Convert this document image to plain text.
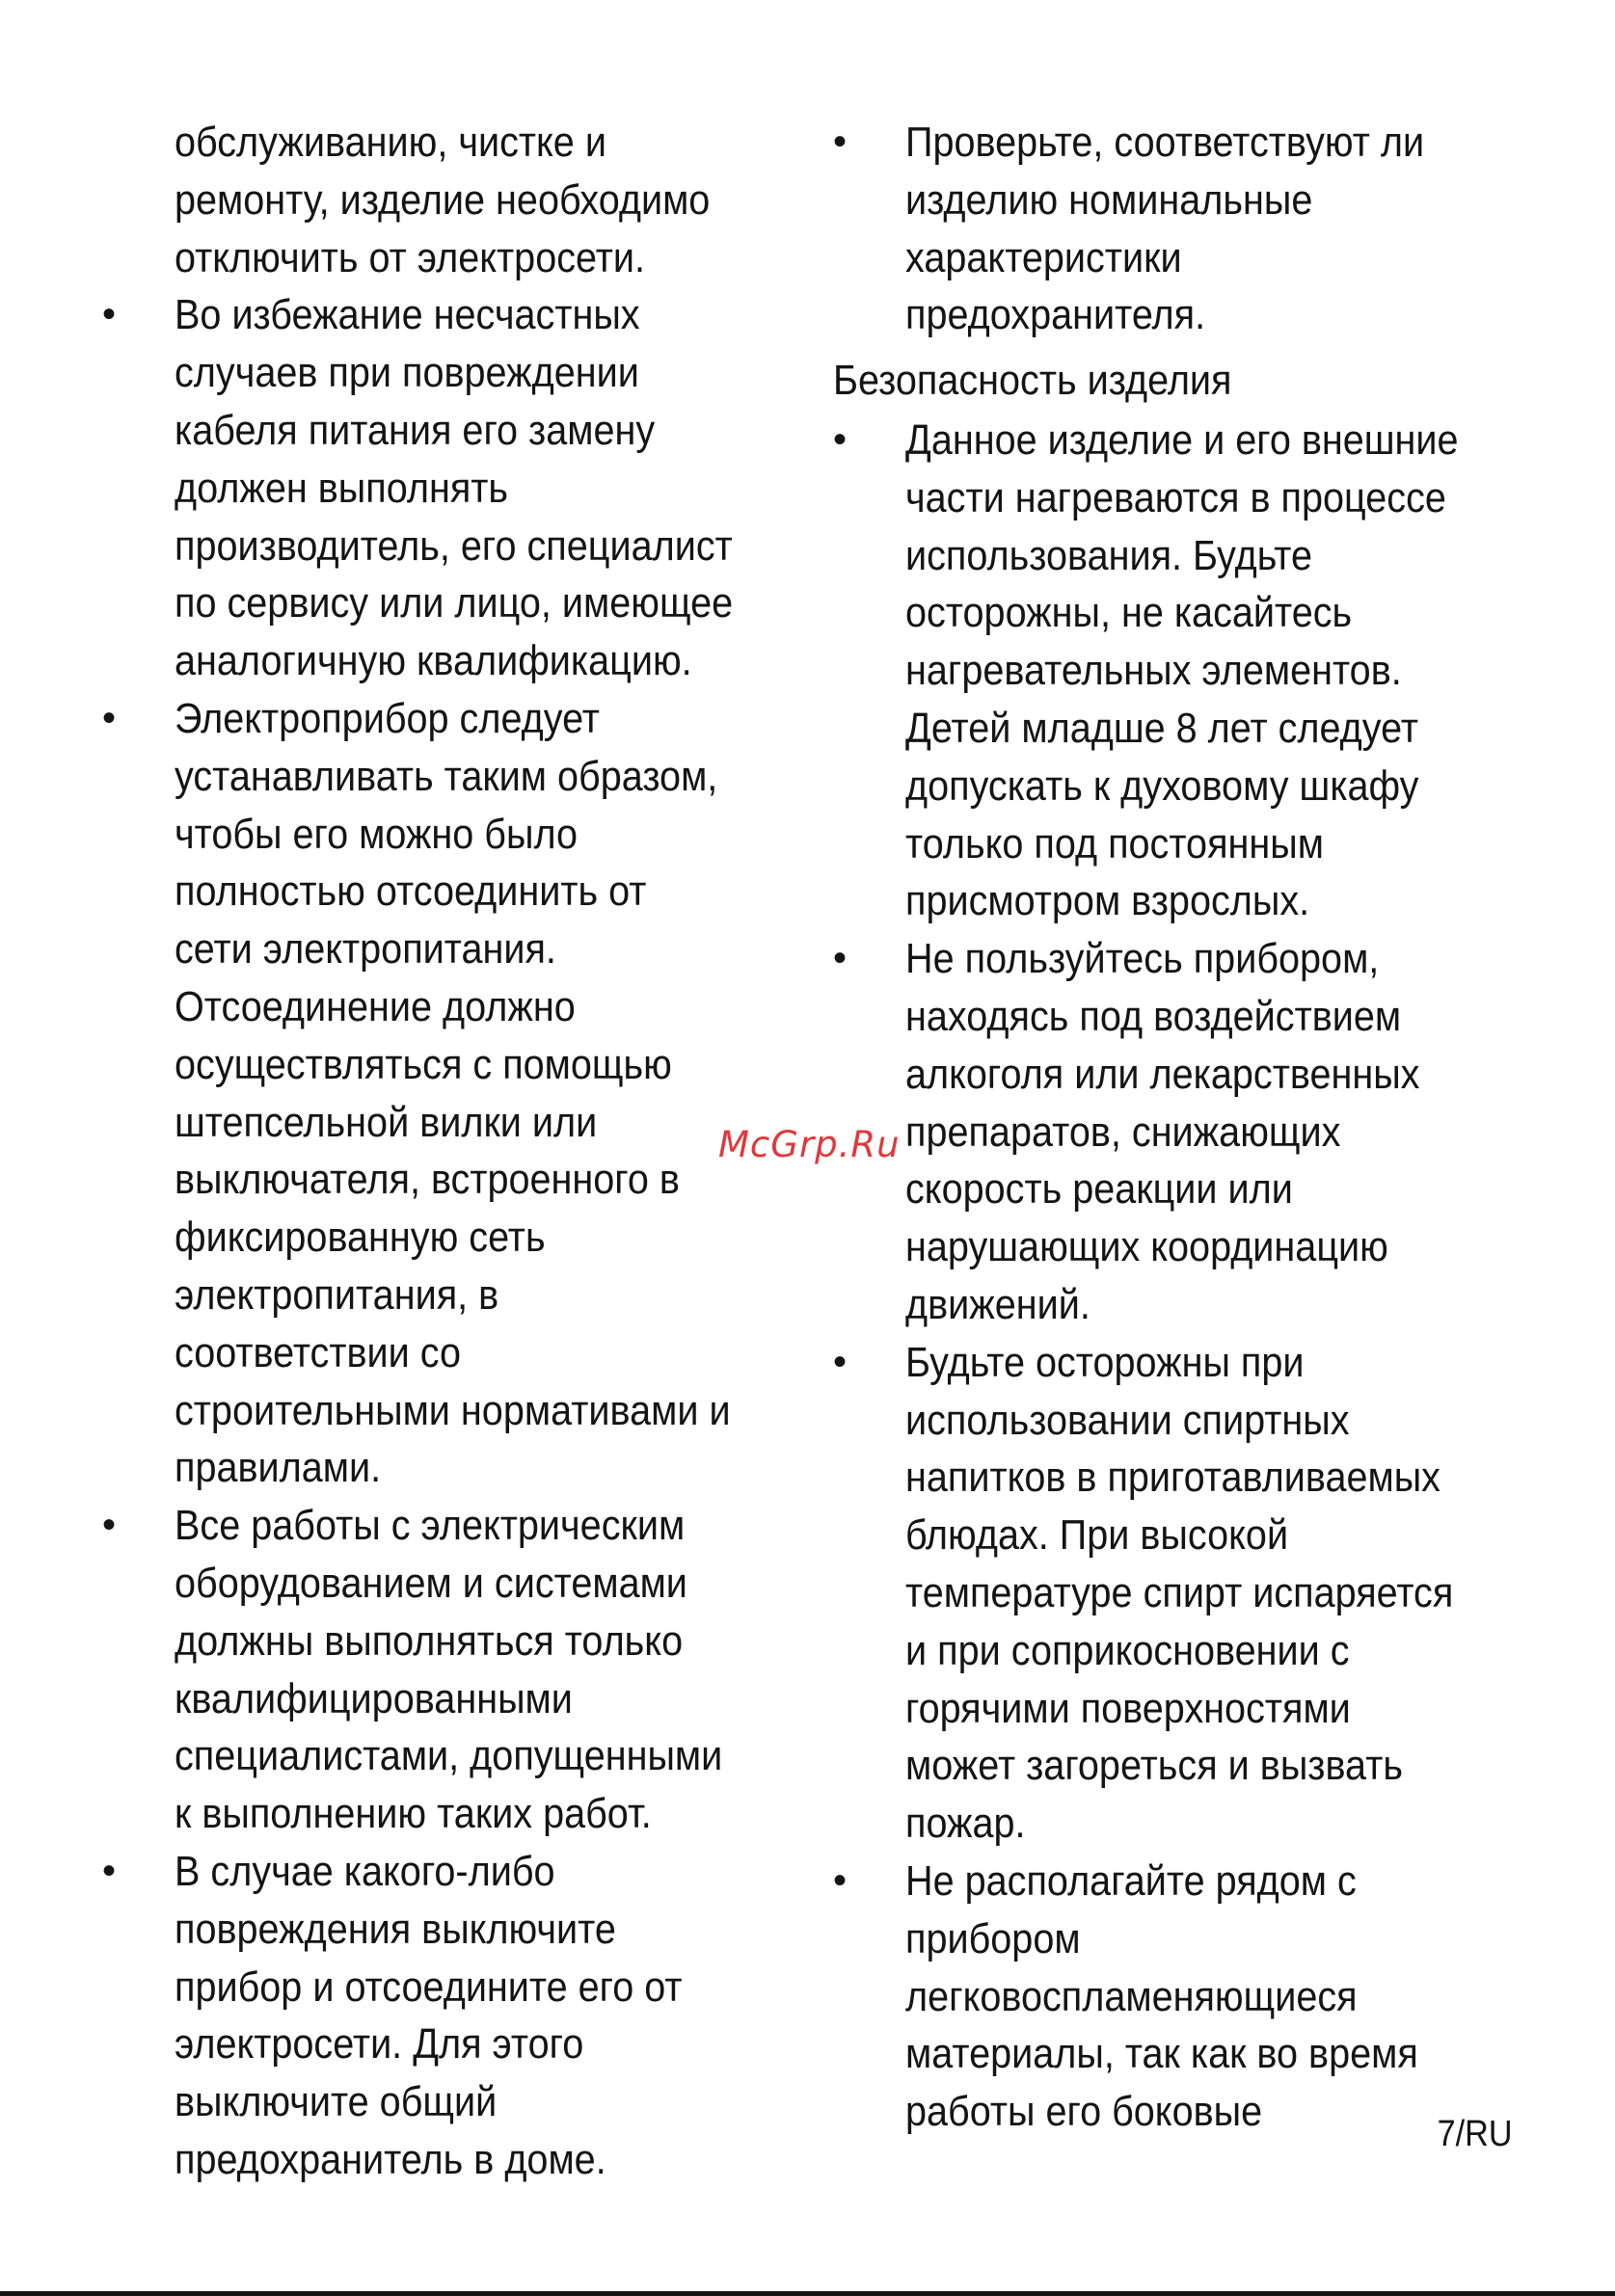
обслуживанию, чистке и
ремонту, изделие необходимо
отключить от электросети.
• Во избежание несчастных
случаев при повреждении
кабеля питания его замену
должен выполнять
производитель, его специалист
по сервису или лицо, имеющее
аналогичную квалификацию.
• Электроприбор следует
устанавливать таким образом,
чтобы его можно было
полностью отсоединить от
сети электропитания.
Отсоединение должно
осуществляться с помощью
штепсельной вилки или
выключателя, встроенного в
фиксированную сеть
электропитания, в
соответствии со
строительными нормативами и
правилами.
• Все работы с электрическим
оборудованием и системами
должны выполняться только
квалифицированными
специалистами, допущенными
к выполнению таких работ.
• В случае какого-либо
повреждения выключите
прибор и отсоедините его от
электросети. Для этого
выключите общий
предохранитель в доме.
• Проверьте, соответствуют ли
изделию номинальные
характеристики
предохранителя.
Безопасность изделия
• Данное изделие и его внешние
части нагреваются в процессе
использования. Будьте
осторожны, не касайтесь
нагревательных элементов.
Детей младше 8 лет следует
допускать к духовому шкафу
только под постоянным
присмотром взрослых.
• Не пользуйтесь прибором,
находясь под воздействием
алкоголя или лекарственных
препаратов, снижающих
скорость реакции или
нарушающих координацию
движений.
• Будьте осторожны при
использовании спиртных
напитков в приготавливаемых
блюдах. При высокой
температуре спирт испаряется
и при соприкосновении с
горячими поверхностями
может загореться и вызвать
пожар.
• Не располагайте рядом с
прибором
легковоспламеняющиеся
материалы, так как во время
работы его боковые
McGrp.Ru
7/RU
